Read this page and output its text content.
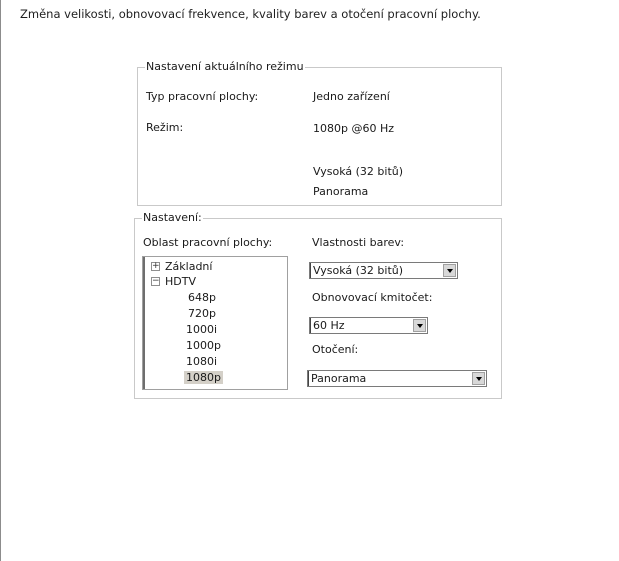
Změna velikosti, obnovovací frekvence, kvality barev a otočení pracovní plochy.
Nastavení aktuálního režimu
Typ pracovní plochy:	Jedno zařízení
Režim:	1080p @60 Hz
Vysoká (32 bitů)
Panorama
Nastavení:
Oblast pracovní plochy:
+ Základní
− HDTV
648p
720p
1000i
1000p
1080i
1080p
Vlastnosti barev:
Vysoká (32 bitů)
Obnovovací kmitočet:
60 Hz
Otočení:
Panorama
